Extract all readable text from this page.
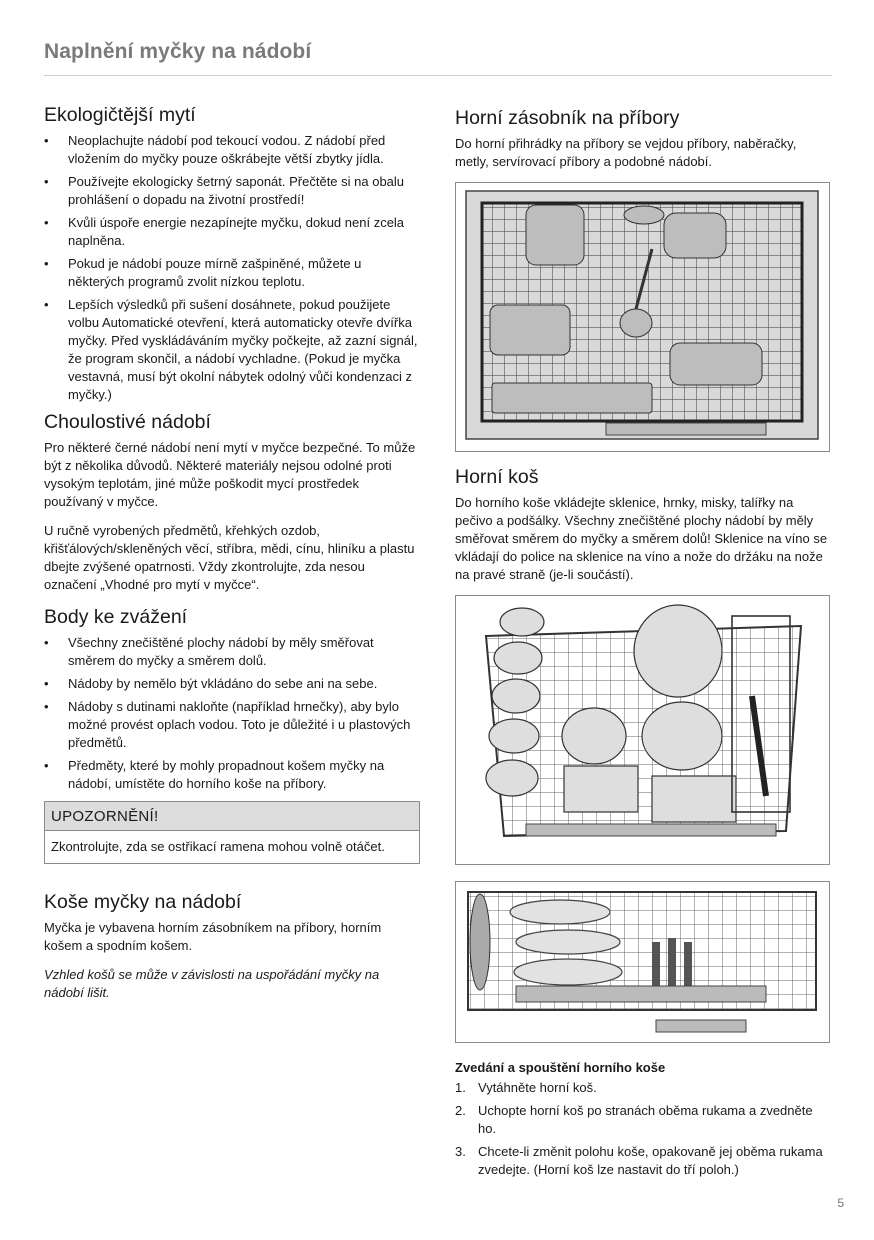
Naplnění myčky na nádobí
Ekologičtější mytí
• Neoplachujte nádobí pod tekoucí vodou. Z nádobí před vložením do myčky pouze oškrábejte větší zbytky jídla.
• Používejte ekologicky šetrný saponát. Přečtěte si na obalu prohlášení o dopadu na životní prostředí!
• Kvůli úspoře energie nezapínejte myčku, dokud není zcela naplněna.
• Pokud je nádobí pouze mírně zašpiněné, můžete u některých programů zvolit nízkou teplotu.
• Lepších výsledků při sušení dosáhnete, pokud použijete volbu Automatické otevření, která automaticky otevře dvířka myčky. Před vyskládáváním myčky počkejte, až zazní signál, že program skončil, a nádobí vychladne. (Pokud je myčka vestavná, musí být okolní nábytek odolný vůči kondenzaci z myčky.)
Choulostivé nádobí

Pro některé černé nádobí není mytí v myčce bezpečné. To může být z několika důvodů. Některé materiály nejsou odolné proti vysokým teplotám, jiné může poškodit mycí prostředek používaný v myčce.

U ručně vyrobených předmětů, křehkých ozdob, křišťálových/skleněných věcí, stříbra, mědi, cínu, hliníku a plastu dbejte zvýšené opatrnosti. Vždy zkontrolujte, zda nesou označení „Vhodné pro mytí v myčce“.

Body ke zvážení
• Všechny znečištěné plochy nádobí by měly směřovat směrem do myčky a směrem dolů.
• Nádoby by nemělo být vkládáno do sebe ani na sebe.
• Nádoby s dutinami nakloňte (například hrnečky), aby bylo možné provést oplach vodou. Toto je důležité i u plastových předmětů.
• Předměty, které by mohly propadnout košem myčky na nádobí, umístěte do horního koše na příbory.
UPOZORNĚNÍ!
Zkontrolujte, zda se ostřikací ramena mohou volně otáčet.
Koše myčky na nádobí

Myčka je vybavena horním zásobníkem na příbory, horním košem a spodním košem.

Vzhled košů se může v závislosti na uspořádání myčky na nádobí lišit.

Horní zásobník na příbory

Do horní přihrádky na příbory se vejdou příbory, naběračky, metly, servírovací příbory a podobné nádobí.

Horní koš

Do horního koše vkládejte sklenice, hrnky, misky, talířky na pečivo a podšálky. Všechny znečištěné plochy nádobí by měly směřovat směrem do myčky a směrem dolů! Sklenice na víno se vkládají do police na sklenice na víno a nože do držáku na nože na pravé straně (je-li součástí).

Zvedání a spouštění horního koše
1. Vytáhněte horní koš.
2. Uchopte horní koš po stranách oběma rukama a zvedněte ho.
3. Chcete-li změnit polohu koše, opakovaně jej oběma rukama zvedejte. (Horní koš lze nastavit do tří poloh.)
5
